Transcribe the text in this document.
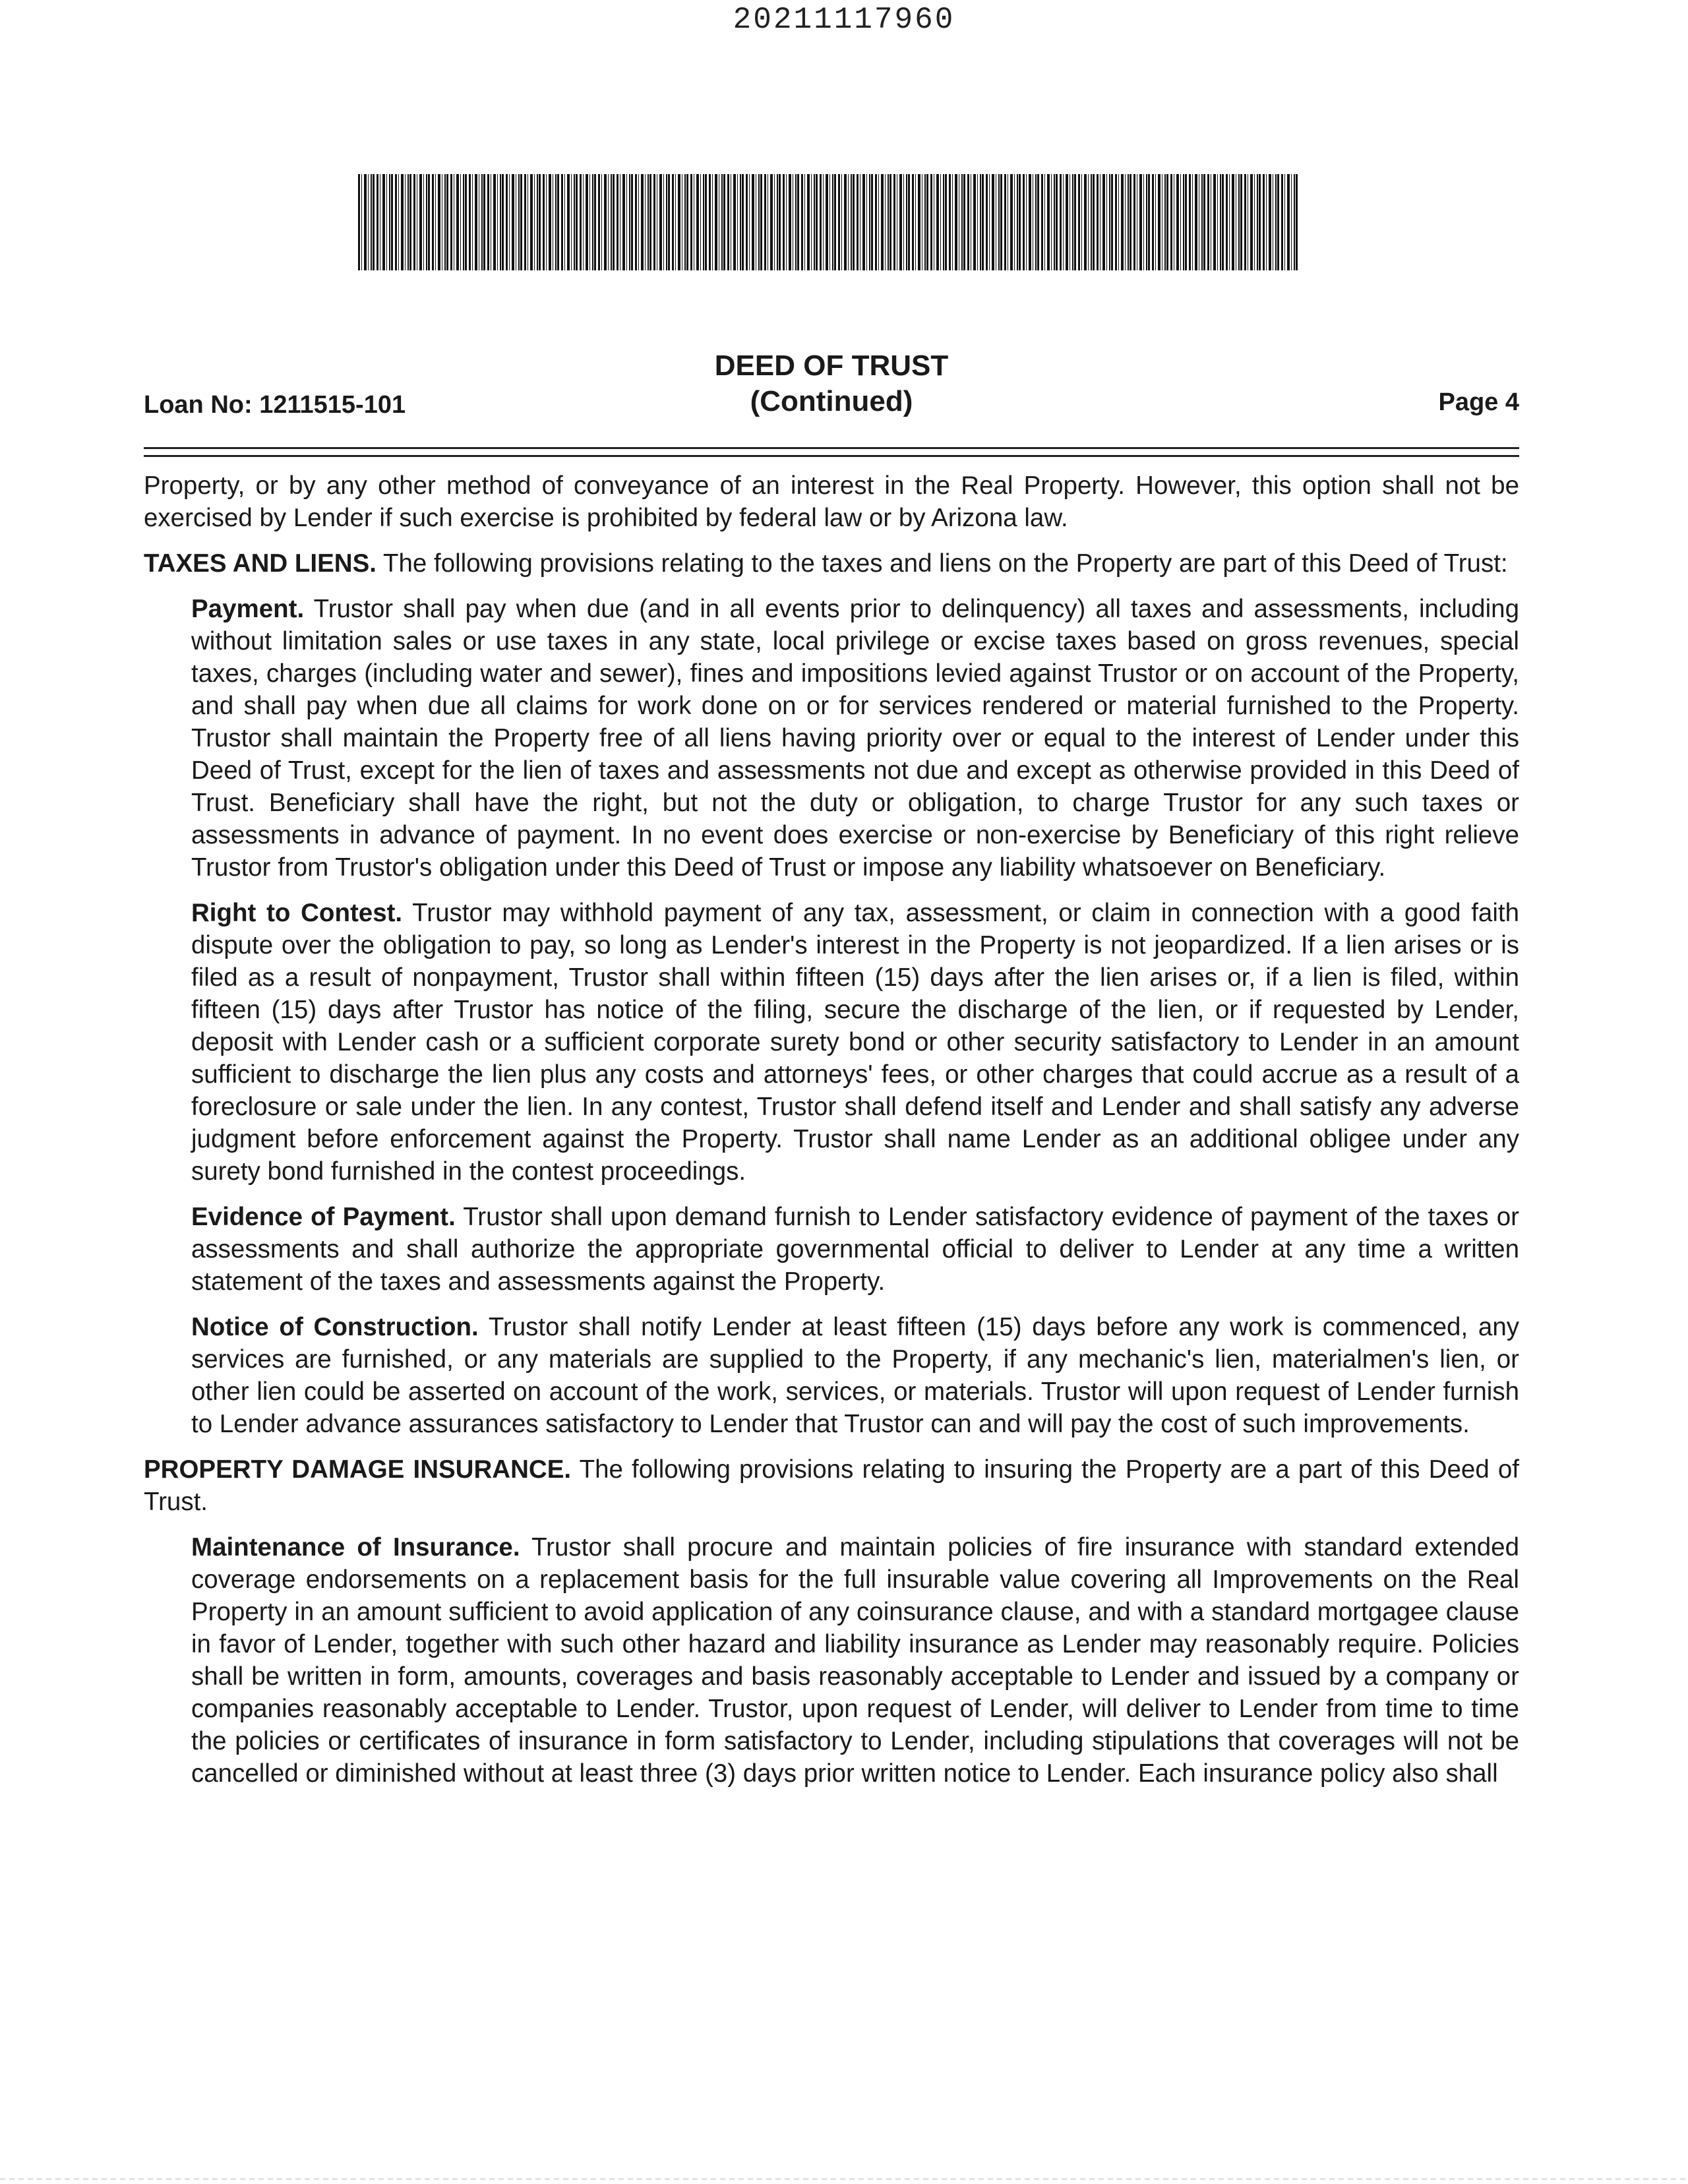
20211117960
Loan No: 1211515-101
DEED OF TRUST
(Continued)	Page 4

Property, or by any other method of conveyance of an interest in the Real Property. However, this option shall not be exercised by Lender if such exercise is prohibited by federal law or by Arizona law.

TAXES AND LIENS. The following provisions relating to the taxes and liens on the Property are part of this Deed of Trust:

Payment. Trustor shall pay when due (and in all events prior to delinquency) all taxes and assessments, including without limitation sales or use taxes in any state, local privilege or excise taxes based on gross revenues, special taxes, charges (including water and sewer), fines and impositions levied against Trustor or on account of the Property, and shall pay when due all claims for work done on or for services rendered or material furnished to the Property. Trustor shall maintain the Property free of all liens having priority over or equal to the interest of Lender under this Deed of Trust, except for the lien of taxes and assessments not due and except as otherwise provided in this Deed of Trust. Beneficiary shall have the right, but not the duty or obligation, to charge Trustor for any such taxes or assessments in advance of payment. In no event does exercise or non-exercise by Beneficiary of this right relieve Trustor from Trustor's obligation under this Deed of Trust or impose any liability whatsoever on Beneficiary.

Right to Contest. Trustor may withhold payment of any tax, assessment, or claim in connection with a good faith dispute over the obligation to pay, so long as Lender's interest in the Property is not jeopardized. If a lien arises or is filed as a result of nonpayment, Trustor shall within fifteen (15) days after the lien arises or, if a lien is filed, within fifteen (15) days after Trustor has notice of the filing, secure the discharge of the lien, or if requested by Lender, deposit with Lender cash or a sufficient corporate surety bond or other security satisfactory to Lender in an amount sufficient to discharge the lien plus any costs and attorneys' fees, or other charges that could accrue as a result of a foreclosure or sale under the lien. In any contest, Trustor shall defend itself and Lender and shall satisfy any adverse judgment before enforcement against the Property. Trustor shall name Lender as an additional obligee under any surety bond furnished in the contest proceedings.

Evidence of Payment. Trustor shall upon demand furnish to Lender satisfactory evidence of payment of the taxes or assessments and shall authorize the appropriate governmental official to deliver to Lender at any time a written statement of the taxes and assessments against the Property.

Notice of Construction. Trustor shall notify Lender at least fifteen (15) days before any work is commenced, any services are furnished, or any materials are supplied to the Property, if any mechanic's lien, materialmen's lien, or other lien could be asserted on account of the work, services, or materials. Trustor will upon request of Lender furnish to Lender advance assurances satisfactory to Lender that Trustor can and will pay the cost of such improvements.

PROPERTY DAMAGE INSURANCE. The following provisions relating to insuring the Property are a part of this Deed of Trust.

Maintenance of Insurance. Trustor shall procure and maintain policies of fire insurance with standard extended coverage endorsements on a replacement basis for the full insurable value covering all Improvements on the Real Property in an amount sufficient to avoid application of any coinsurance clause, and with a standard mortgagee clause in favor of Lender, together with such other hazard and liability insurance as Lender may reasonably require. Policies shall be written in form, amounts, coverages and basis reasonably acceptable to Lender and issued by a company or companies reasonably acceptable to Lender. Trustor, upon request of Lender, will deliver to Lender from time to time the policies or certificates of insurance in form satisfactory to Lender, including stipulations that coverages will not be cancelled or diminished without at least three (3) days prior written notice to Lender. Each insurance policy also shall
